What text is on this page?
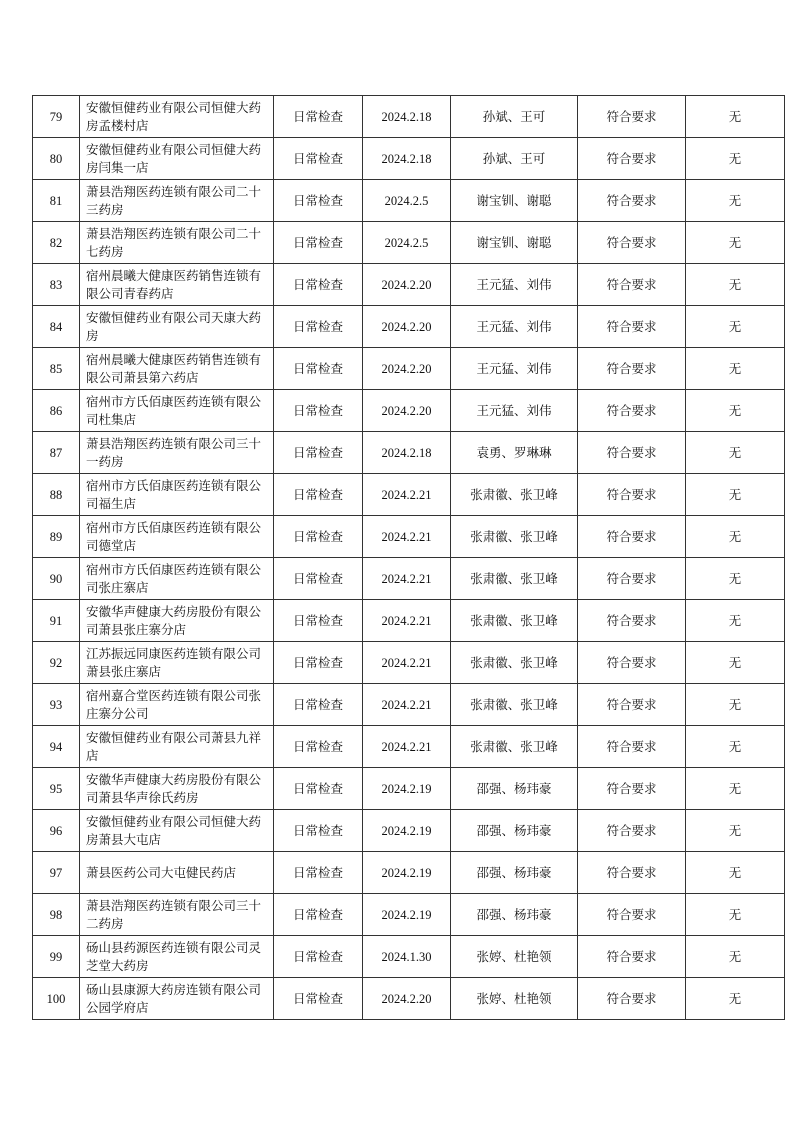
79	安徽恒健药业有限公司恒健大药房孟楼村店	日常检查	2024.2.18	孙斌、王可	符合要求	无
80	安徽恒健药业有限公司恒健大药房闫集一店	日常检查	2024.2.18	孙斌、王可	符合要求	无
81	萧县浩翔医药连锁有限公司二十三药房	日常检查	2024.2.5	谢宝钏、谢聪	符合要求	无
82	萧县浩翔医药连锁有限公司二十七药房	日常检查	2024.2.5	谢宝钏、谢聪	符合要求	无
83	宿州晨曦大健康医药销售连锁有限公司青春药店	日常检查	2024.2.20	王元猛、刘伟	符合要求	无
84	安徽恒健药业有限公司天康大药房	日常检查	2024.2.20	王元猛、刘伟	符合要求	无
85	宿州晨曦大健康医药销售连锁有限公司萧县第六药店	日常检查	2024.2.20	王元猛、刘伟	符合要求	无
86	宿州市方氏佰康医药连锁有限公司杜集店	日常检查	2024.2.20	王元猛、刘伟	符合要求	无
87	萧县浩翔医药连锁有限公司三十一药房	日常检查	2024.2.18	袁勇、罗琳琳	符合要求	无
88	宿州市方氏佰康医药连锁有限公司福生店	日常检查	2024.2.21	张肃徽、张卫峰	符合要求	无
89	宿州市方氏佰康医药连锁有限公司德堂店	日常检查	2024.2.21	张肃徽、张卫峰	符合要求	无
90	宿州市方氏佰康医药连锁有限公司张庄寨店	日常检查	2024.2.21	张肃徽、张卫峰	符合要求	无
91	安徽华声健康大药房股份有限公司萧县张庄寨分店	日常检查	2024.2.21	张肃徽、张卫峰	符合要求	无
92	江苏振远同康医药连锁有限公司萧县张庄寨店	日常检查	2024.2.21	张肃徽、张卫峰	符合要求	无
93	宿州嘉合堂医药连锁有限公司张庄寨分公司	日常检查	2024.2.21	张肃徽、张卫峰	符合要求	无
94	安徽恒健药业有限公司萧县九祥店	日常检查	2024.2.21	张肃徽、张卫峰	符合要求	无
95	安徽华声健康大药房股份有限公司萧县华声徐氏药房	日常检查	2024.2.19	邵强、杨玮豪	符合要求	无
96	安徽恒健药业有限公司恒健大药房萧县大屯店	日常检查	2024.2.19	邵强、杨玮豪	符合要求	无
97	萧县医药公司大屯健民药店	日常检查	2024.2.19	邵强、杨玮豪	符合要求	无
98	萧县浩翔医药连锁有限公司三十二药房	日常检查	2024.2.19	邵强、杨玮豪	符合要求	无
99	砀山县药源医药连锁有限公司灵芝堂大药房	日常检查	2024.1.30	张婷、杜艳领	符合要求	无
100	砀山县康源大药房连锁有限公司公园学府店	日常检查	2024.2.20	张婷、杜艳领	符合要求	无
